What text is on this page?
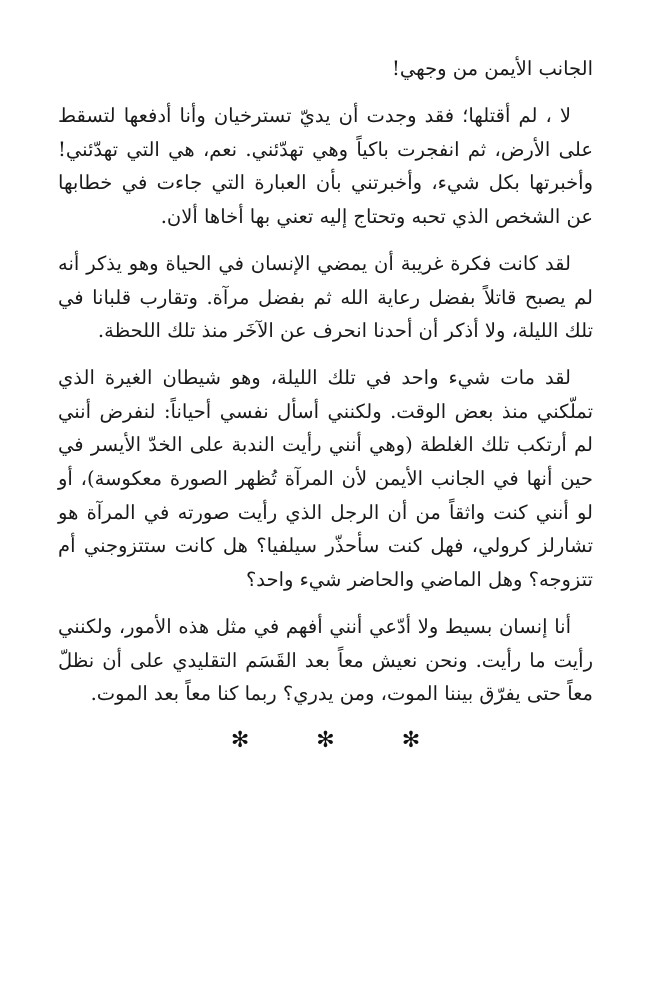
الجانب الأيمن من وجهي!

لا ، لم أقتلها؛ فقد وجدت أن يديّ تسترخيان وأنا أدفعها لتسقط على الأرض، ثم انفجرت باكياً وهي تهدّئني. نعم، هي التي تهدّئني! وأخبرتها بكل شيء، وأخبرتني بأن العبارة التي جاءت في خطابها عن الشخص الذي تحبه وتحتاج إليه تعني بها أخاها ألان.

لقد كانت فكرة غريبة أن يمضي الإنسان في الحياة وهو يذكر أنه لم يصبح قاتلاً بفضل رعاية الله ثم بفضل مرآة. وتقارب قلبانا في تلك الليلة، ولا أذكر أن أحدنا انحرف عن الآخَر منذ تلك اللحظة.

لقد مات شيء واحد في تلك الليلة، وهو شيطان الغيرة الذي تملّكني منذ بعض الوقت. ولكنني أسأل نفسي أحياناً: لنفرض أنني لم أرتكب تلك الغلطة (وهي أنني رأيت الندبة على الخدّ الأيسر في حين أنها في الجانب الأيمن لأن المرآة تُظهر الصورة معكوسة)، أو لو أنني كنت واثقاً من أن الرجل الذي رأيت صورته في المرآة هو تشارلز كرولي، فهل كنت سأحذّر سيلفيا؟ هل كانت ستتزوجني أم تتزوجه؟ وهل الماضي والحاضر شيء واحد؟

أنا إنسان بسيط ولا أدّعي أنني أفهم في مثل هذه الأمور، ولكنني رأيت ما رأيت. ونحن نعيش معاً بعد القَسَم التقليدي على أن نظلّ معاً حتى يفرّق بيننا الموت، ومن يدري؟ ربما كنا معاً بعد الموت.

✻ ✻ ✻
